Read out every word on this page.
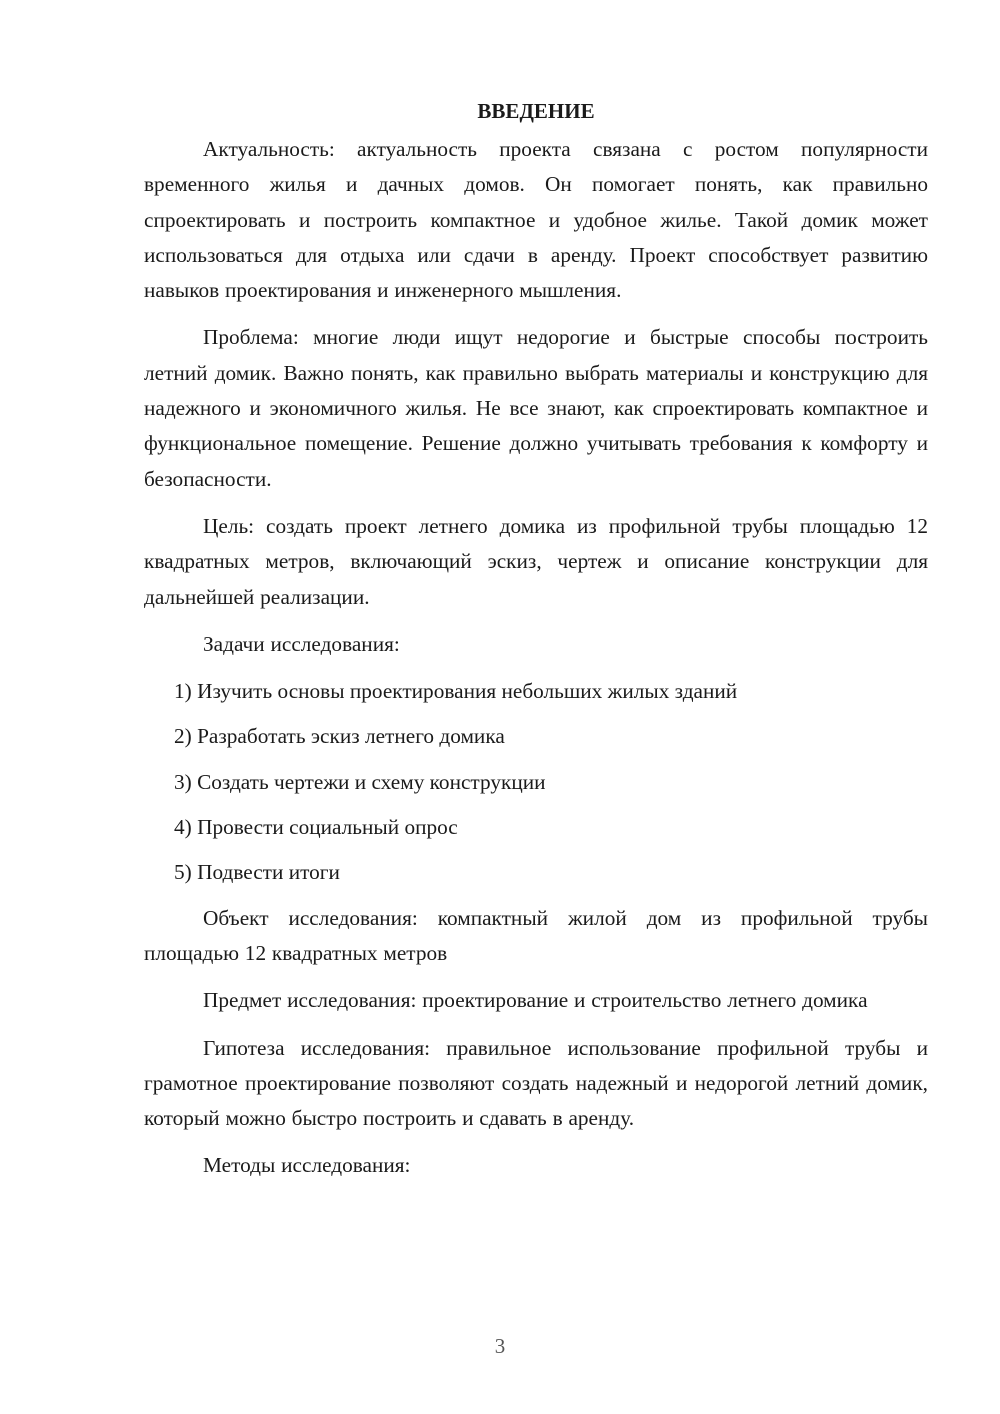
ВВЕДЕНИЕ

Актуальность: актуальность проекта связана с ростом популярности временного жилья и дачных домов. Он помогает понять, как правильно спроектировать и построить компактное и удобное жилье. Такой домик может использоваться для отдыха или сдачи в аренду. Проект способствует развитию навыков проектирования и инженерного мышления.

Проблема: многие люди ищут недорогие и быстрые способы построить летний домик. Важно понять, как правильно выбрать материалы и конструкцию для надежного и экономичного жилья. Не все знают, как спроектировать компактное и функциональное помещение. Решение должно учитывать требования к комфорту и безопасности.

Цель: создать проект летнего домика из профильной трубы площадью 12 квадратных метров, включающий эскиз, чертеж и описание конструкции для дальнейшей реализации.

Задачи исследования:

1) Изучить основы проектирования небольших жилых зданий
2) Разработать эскиз летнего домика
3) Создать чертежи и схему конструкции
4) Провести социальный опрос
5) Подвести итоги

Объект исследования: компактный жилой дом из профильной трубы площадью 12 квадратных метров

Предмет исследования: проектирование и строительство летнего домика

Гипотеза исследования: правильное использование профильной трубы и грамотное проектирование позволяют создать надежный и недорогой летний домик, который можно быстро построить и сдавать в аренду.

Методы исследования:

3
